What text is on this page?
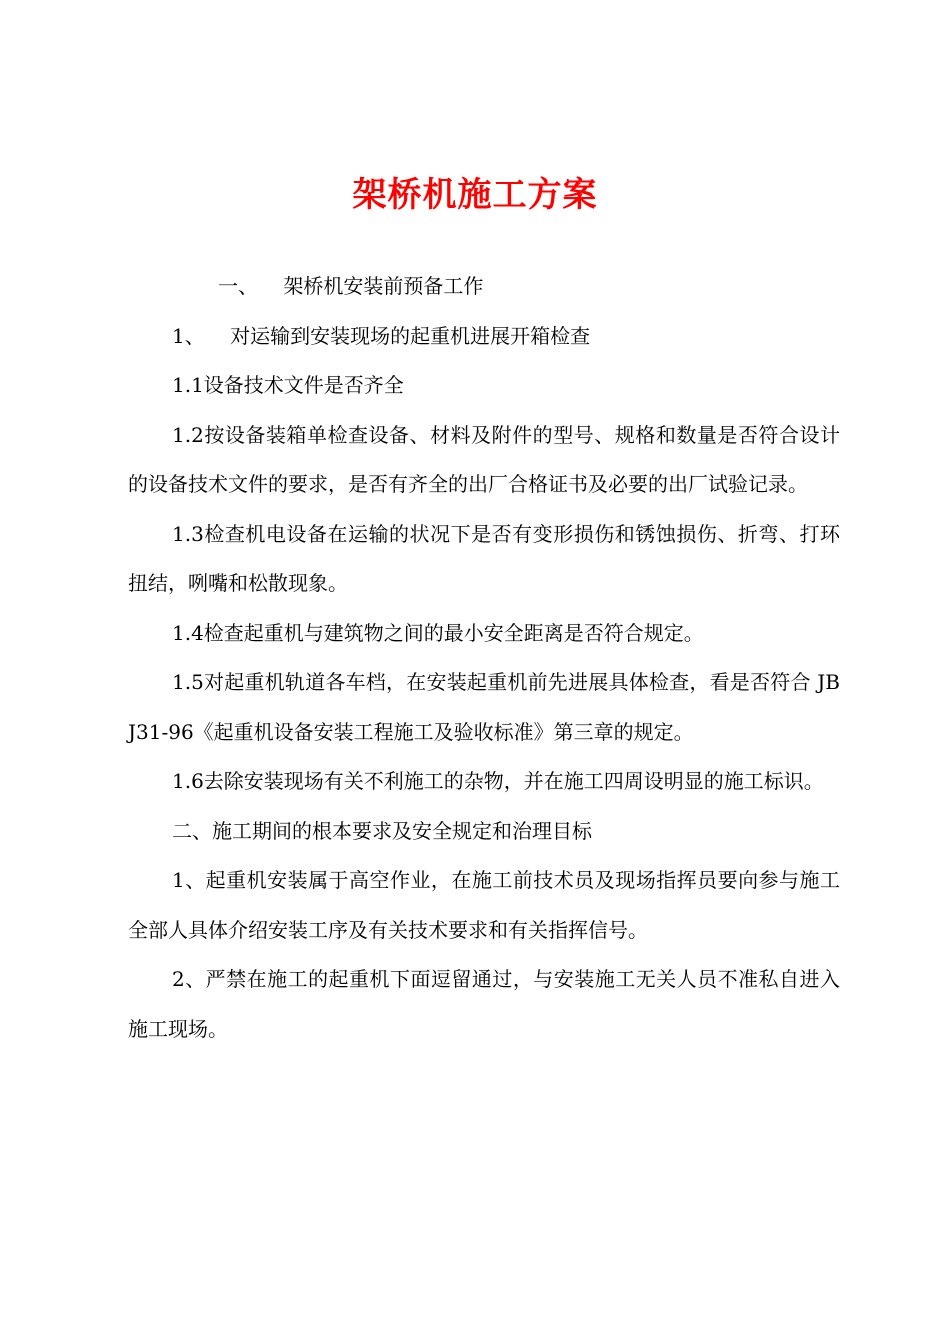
架桥机施工方案

一、    架桥机安装前预备工作

1、    对运输到安装现场的起重机进展开箱检查

1.1设备技术文件是否齐全

1.2按设备装箱单检查设备、材料及附件的型号、规格和数量是否符合设计的设备技术文件的要求，是否有齐全的出厂合格证书及必要的出厂试验记录。

1.3检查机电设备在运输的状况下是否有变形损伤和锈蚀损伤、折弯、打环扭结，咧嘴和松散现象。

1.4检查起重机与建筑物之间的最小安全距离是否符合规定。

1.5对起重机轨道各车档，在安装起重机前先进展具体检查，看是否符合 JBJ31-96《起重机设备安装工程施工及验收标准》第三章的规定。

1.6去除安装现场有关不利施工的杂物，并在施工四周设明显的施工标识。

二、施工期间的根本要求及安全规定和治理目标

1、起重机安装属于高空作业，在施工前技术员及现场指挥员要向参与施工全部人具体介绍安装工序及有关技术要求和有关指挥信号。

2、严禁在施工的起重机下面逗留通过，与安装施工无关人员不准私自进入施工现场。
